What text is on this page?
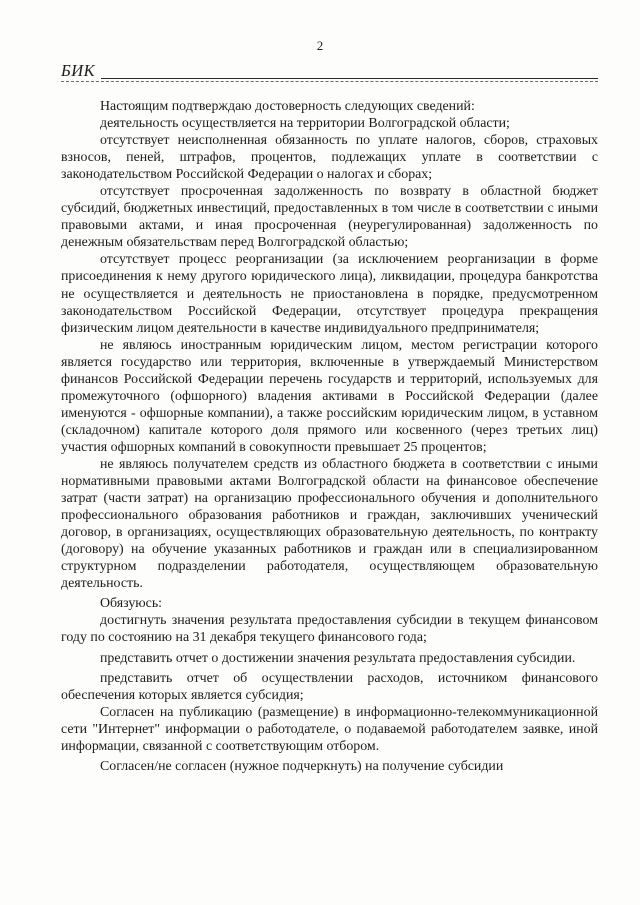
2
БИК

Настоящим подтверждаю достоверность следующих сведений:

деятельность осуществляется на территории Волгоградской области;

отсутствует неисполненная обязанность по уплате налогов, сборов, страховых взносов, пеней, штрафов, процентов, подлежащих уплате в соответствии с законодательством Российской Федерации о налогах и сборах;

отсутствует просроченная задолженность по возврату в областной бюджет субсидий, бюджетных инвестиций, предоставленных в том числе в соответствии с иными правовыми актами, и иная просроченная (неурегулированная) задолженность по денежным обязательствам перед Волгоградской областью;

отсутствует процесс реорганизации (за исключением реорганизации в форме присоединения к нему другого юридического лица), ликвидации, процедура банкротства не осуществляется и деятельность не приостановлена в порядке, предусмотренном законодательством Российской Федерации, отсутствует процедура прекращения физическим лицом деятельности в качестве индивидуального предпринимателя;

не являюсь иностранным юридическим лицом, местом регистрации которого является государство или территория, включенные в утверждаемый Министерством финансов Российской Федерации перечень государств и территорий, используемых для промежуточного (офшорного) владения активами в Российской Федерации (далее именуются - офшорные компании), а также российским юридическим лицом, в уставном (складочном) капитале которого доля прямого или косвенного (через третьих лиц) участия офшорных компаний в совокупности превышает 25 процентов;

не являюсь получателем средств из областного бюджета в соответствии с иными нормативными правовыми актами Волгоградской области на финансовое обеспечение затрат (части затрат) на организацию профессионального обучения и дополнительного профессионального образования работников и граждан, заключивших ученический договор, в организациях, осуществляющих образовательную деятельность, по контракту (договору) на обучение указанных работников и граждан или в специализированном структурном подразделении работодателя, осуществляющем образовательную деятельность.

Обязуюсь:

достигнуть значения результата предоставления субсидии в текущем финансовом году по состоянию на 31 декабря текущего финансового года;

представить отчет о достижении значения результата предоставления субсидии.

представить отчет об осуществлении расходов, источником финансового обеспечения которых является субсидия;

Согласен на публикацию (размещение) в информационно-телекоммуникационной сети "Интернет" информации о работодателе, о подаваемой работодателем заявке, иной информации, связанной с соответствующим отбором.

Согласен/не согласен (нужное подчеркнуть) на получение субсидии
